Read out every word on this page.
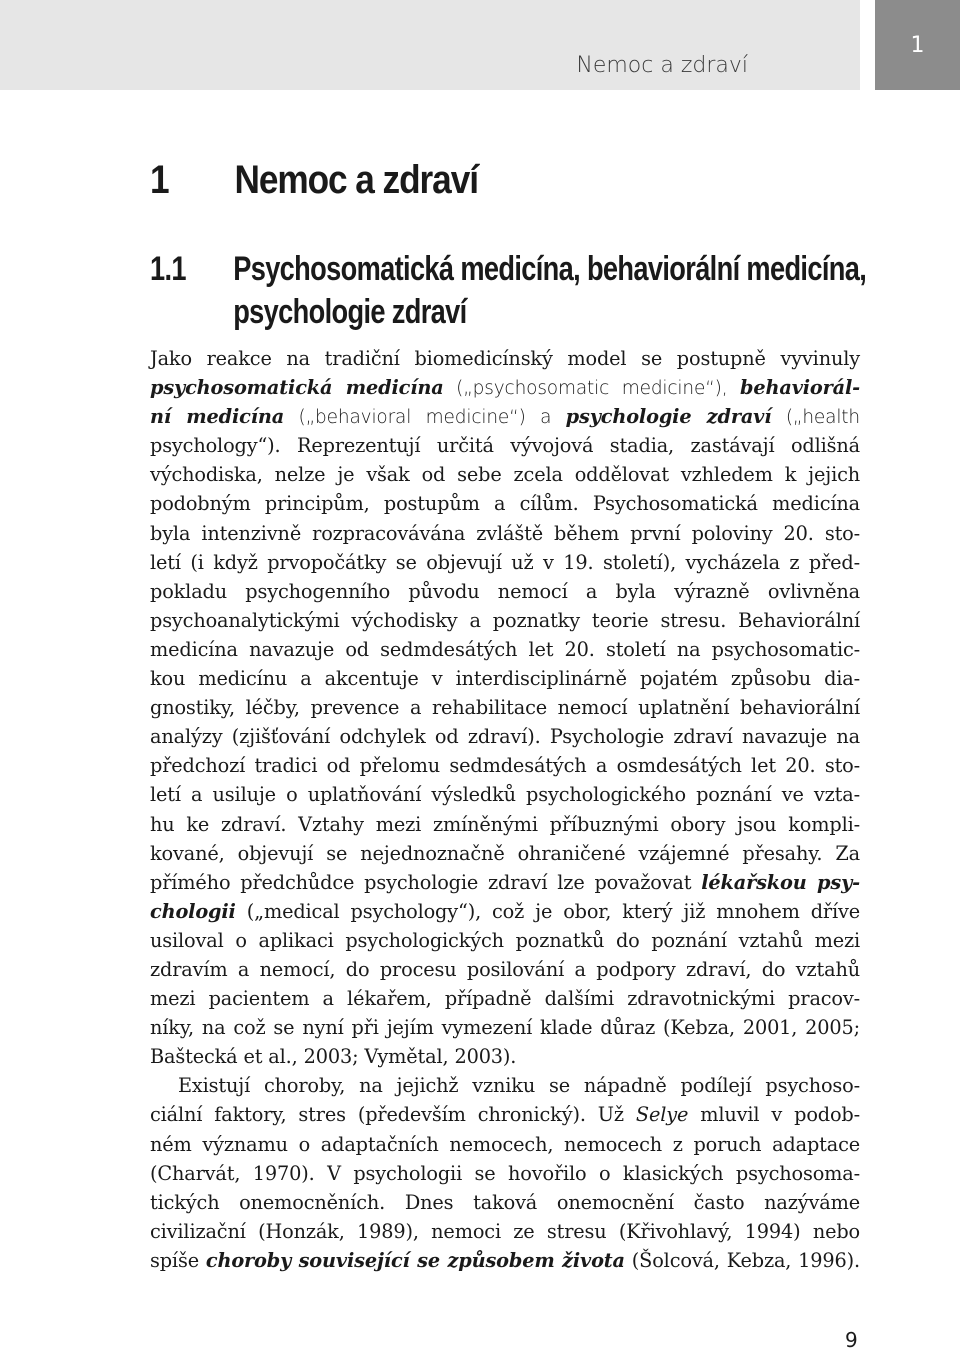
Nemoc a zdraví
1
1 Nemoc a zdraví
1.1 Psychosomatická medicína, behaviorální medicína,
psychologie zdraví
Jako reakce na tradiční biomedicínský model se postupně vyvinuly
psychosomatická medicína („psychosomatic medicine“), behaviorál-
ní medicína („behavioral medicine“) a psychologie zdraví („health
psychology“). Reprezentují určitá vývojová stadia, zastávají odlišná
východiska, nelze je však od sebe zcela oddělovat vzhledem k jejich
podobným principům, postupům a cílům. Psychosomatická medicína
byla intenzivně rozpracovávána zvláště během první poloviny 20. sto-
letí (i když prvopočátky se objevují už v 19. století), vycházela z před-
pokladu psychogenního původu nemocí a byla výrazně ovlivněna
psychoanalytickými východisky a poznatky teorie stresu. Behaviorální
medicína navazuje od sedmdesátých let 20. století na psychosomatic-
kou medicínu a akcentuje v interdisciplinárně pojatém způsobu dia-
gnostiky, léčby, prevence a rehabilitace nemocí uplatnění behaviorální
analýzy (zjišťování odchylek od zdraví). Psychologie zdraví navazuje na
předchozí tradici od přelomu sedmdesátých a osmdesátých let 20. sto-
letí a usiluje o uplatňování výsledků psychologického poznání ve vzta-
hu ke zdraví. Vztahy mezi zmíněnými příbuznými obory jsou kompli-
kované, objevují se nejednoznačně ohraničené vzájemné přesahy. Za
přímého předchůdce psychologie zdraví lze považovat lékařskou psy-
chologii („medical psychology“), což je obor, který již mnohem dříve
usiloval o aplikaci psychologických poznatků do poznání vztahů mezi
zdravím a nemocí, do procesu posilování a podpory zdraví, do vztahů
mezi pacientem a lékařem, případně dalšími zdravotnickými pracov-
níky, na což se nyní při jejím vymezení klade důraz (Kebza, 2001, 2005;
Baštecká et al., 2003; Vymětal, 2003).
Existují choroby, na jejichž vzniku se nápadně podílejí psychoso-
ciální faktory, stres (především chronický). Už Selye mluvil v podob-
ném významu o adaptačních nemocech, nemocech z poruch adaptace
(Charvát, 1970). V psychologii se hovořilo o klasických psychosoma-
tických onemocněních. Dnes taková onemocnění často nazýváme
civilizační (Honzák, 1989), nemoci ze stresu (Křivohlavý, 1994) nebo
spíše choroby související se způsobem života (Šolcová, Kebza, 1996).
9
